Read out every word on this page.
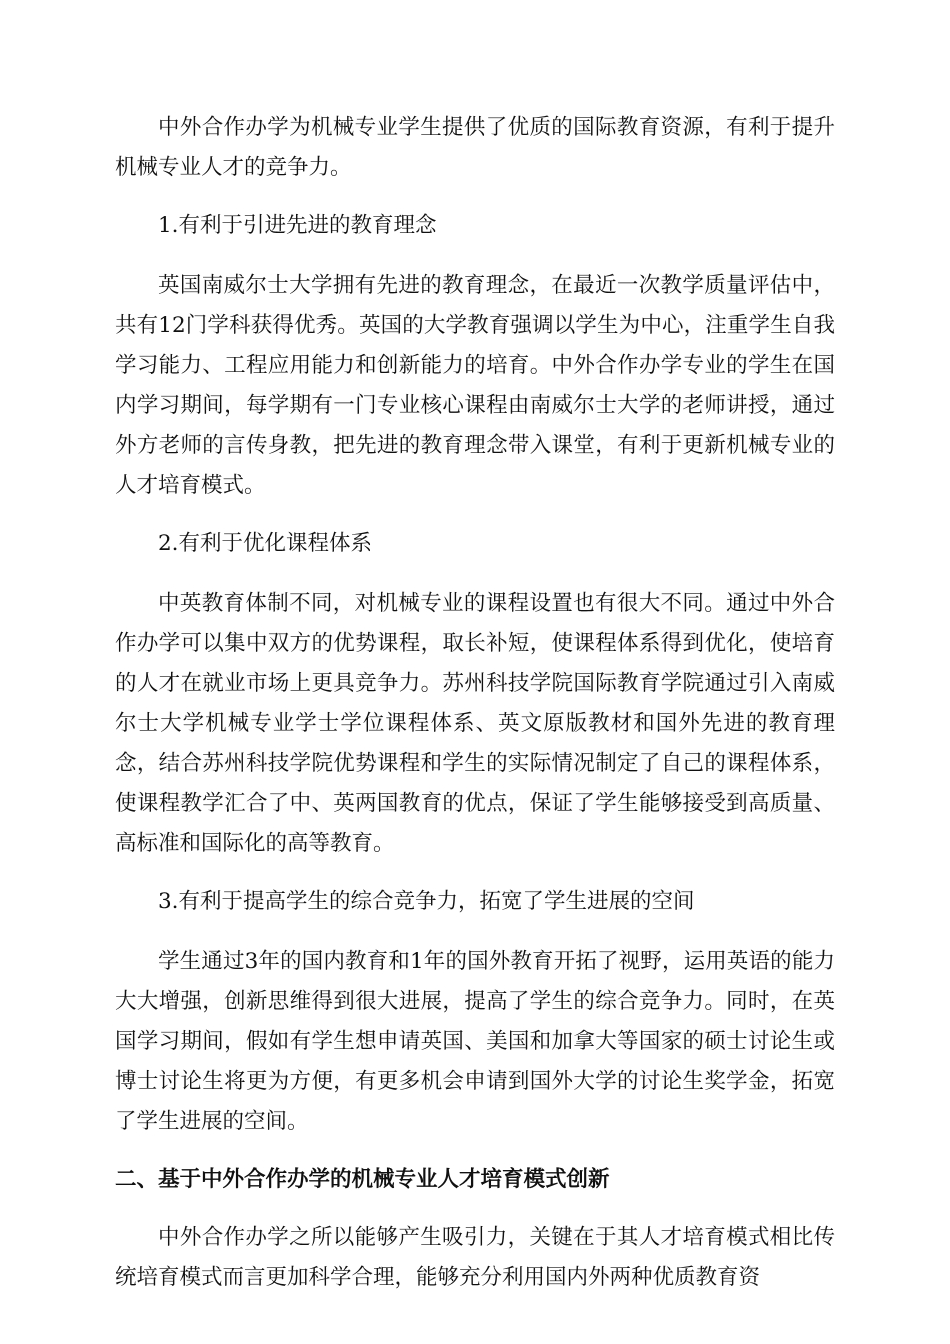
中外合作办学为机械专业学生提供了优质的国际教育资源，有利于提升机械专业人才的竞争力。

1.有利于引进先进的教育理念

英国南威尔士大学拥有先进的教育理念，在最近一次教学质量评估中，共有12门学科获得优秀。英国的大学教育强调以学生为中心，注重学生自我学习能力、工程应用能力和创新能力的培育。中外合作办学专业的学生在国内学习期间，每学期有一门专业核心课程由南威尔士大学的老师讲授，通过外方老师的言传身教，把先进的教育理念带入课堂，有利于更新机械专业的人才培育模式。

2.有利于优化课程体系

中英教育体制不同，对机械专业的课程设置也有很大不同。通过中外合作办学可以集中双方的优势课程，取长补短，使课程体系得到优化，使培育的人才在就业市场上更具竞争力。苏州科技学院国际教育学院通过引入南威尔士大学机械专业学士学位课程体系、英文原版教材和国外先进的教育理念，结合苏州科技学院优势课程和学生的实际情况制定了自己的课程体系，使课程教学汇合了中、英两国教育的优点，保证了学生能够接受到高质量、高标准和国际化的高等教育。

3.有利于提高学生的综合竞争力，拓宽了学生进展的空间

学生通过3年的国内教育和1年的国外教育开拓了视野，运用英语的能力大大增强，创新思维得到很大进展，提高了学生的综合竞争力。同时，在英国学习期间，假如有学生想申请英国、美国和加拿大等国家的硕士讨论生或博士讨论生将更为方便，有更多机会申请到国外大学的讨论生奖学金，拓宽了学生进展的空间。

二、基于中外合作办学的机械专业人才培育模式创新

中外合作办学之所以能够产生吸引力，关键在于其人才培育模式相比传统培育模式而言更加科学合理，能够充分利用国内外两种优质教育资
